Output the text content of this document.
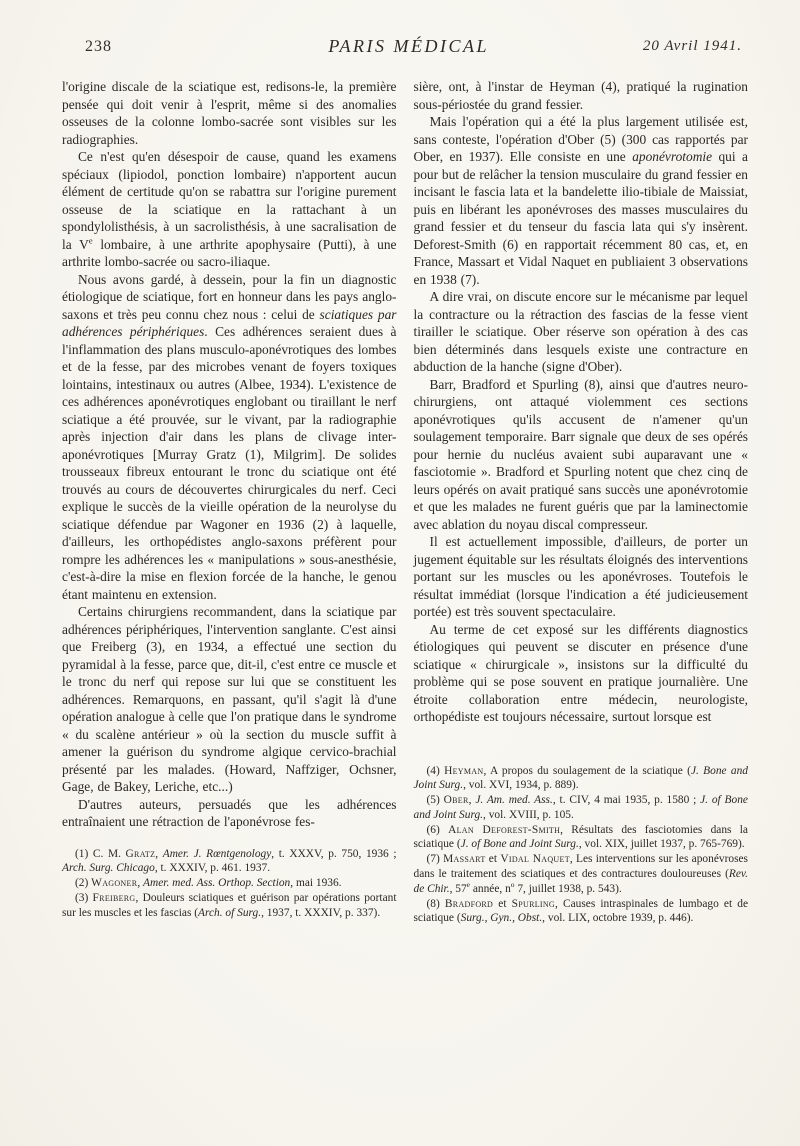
238	PARIS MÉDICAL	20 Avril 1941.

l'origine discale de la sciatique est, redisons-le, la première pensée qui doit venir à l'esprit, même si des anomalies osseuses de la colonne lombo-sacrée sont visibles sur les radiographies.

Ce n'est qu'en désespoir de cause, quand les examens spéciaux (lipiodol, ponction lombaire) n'apportent aucun élément de certitude qu'on se rabattra sur l'origine purement osseuse de la sciatique en la rattachant à un spondylolisthésis, à un sacrolisthésis, à une sacralisation de la Ve lombaire, à une arthrite apophysaire (Putti), à une arthrite lombo-sacrée ou sacro-iliaque.

Nous avons gardé, à dessein, pour la fin un diagnostic étiologique de sciatique, fort en honneur dans les pays anglo-saxons et très peu connu chez nous : celui de sciatiques par adhérences périphériques. Ces adhérences seraient dues à l'inflammation des plans musculo-aponévrotiques des lombes et de la fesse, par des microbes venant de foyers toxiques lointains, intestinaux ou autres (Albee, 1934). L'existence de ces adhérences aponévrotiques englobant ou tiraillant le nerf sciatique a été prouvée, sur le vivant, par la radiographie après injection d'air dans les plans de clivage inter-aponévrotiques [Murray Gratz (1), Milgrim]. De solides trousseaux fibreux entourant le tronc du sciatique ont été trouvés au cours de découvertes chirurgicales du nerf. Ceci explique le succès de la vieille opération de la neurolyse du sciatique défendue par Wagoner en 1936 (2) à laquelle, d'ailleurs, les orthopédistes anglo-saxons préfèrent pour rompre les adhérences les « manipulations » sous-anesthésie, c'est-à-dire la mise en flexion forcée de la hanche, le genou étant maintenu en extension.

Certains chirurgiens recommandent, dans la sciatique par adhérences périphériques, l'intervention sanglante. C'est ainsi que Freiberg (3), en 1934, a effectué une section du pyramidal à la fesse, parce que, dit-il, c'est entre ce muscle et le tronc du nerf qui repose sur lui que se constituent les adhérences. Remarquons, en passant, qu'il s'agit là d'une opération analogue à celle que l'on pratique dans le syndrome « du scalène antérieur » où la section du muscle suffit à amener la guérison du syndrome algique cervico-brachial présenté par les malades. (Howard, Naffziger, Ochsner, Gage, de Bakey, Leriche, etc...)

D'autres auteurs, persuadés que les adhérences entraînaient une rétraction de l'aponévrose fes-

(1) C. M. Gratz, Amer. J. Rœntgenology, t. XXXV, p. 750, 1936 ; Arch. Surg. Chicago, t. XXXIV, p. 461. 1937.

(2) Wagoner, Amer. med. Ass. Orthop. Section, mai 1936.

(3) Freiberg, Douleurs sciatiques et guérison par opérations portant sur les muscles et les fascias (Arch. of Surg., 1937, t. XXXIV, p. 337).

sière, ont, à l'instar de Heyman (4), pratiqué la rugination sous-périostée du grand fessier.

Mais l'opération qui a été la plus largement utilisée est, sans conteste, l'opération d'Ober (5) (300 cas rapportés par Ober, en 1937). Elle consiste en une aponévrotomie qui a pour but de relâcher la tension musculaire du grand fessier en incisant le fascia lata et la bandelette ilio-tibiale de Maissiat, puis en libérant les aponévroses des masses musculaires du grand fessier et du tenseur du fascia lata qui s'y insèrent. Deforest-Smith (6) en rapportait récemment 80 cas, et, en France, Massart et Vidal Naquet en publiaient 3 observations en 1938 (7).

A dire vrai, on discute encore sur le mécanisme par lequel la contracture ou la rétraction des fascias de la fesse vient tirailler le sciatique. Ober réserve son opération à des cas bien déterminés dans lesquels existe une contracture en abduction de la hanche (signe d'Ober).

Barr, Bradford et Spurling (8), ainsi que d'autres neuro-chirurgiens, ont attaqué violemment ces sections aponévrotiques qu'ils accusent de n'amener qu'un soulagement temporaire. Barr signale que deux de ses opérés pour hernie du nucléus avaient subi auparavant une « fasciotomie ». Bradford et Spurling notent que chez cinq de leurs opérés on avait pratiqué sans succès une aponévrotomie et que les malades ne furent guéris que par la laminectomie avec ablation du noyau discal compresseur.

Il est actuellement impossible, d'ailleurs, de porter un jugement équitable sur les résultats éloignés des interventions portant sur les muscles ou les aponévroses. Toutefois le résultat immédiat (lorsque l'indication a été judicieusement portée) est très souvent spectaculaire.

Au terme de cet exposé sur les différents diagnostics étiologiques qui peuvent se discuter en présence d'une sciatique « chirurgicale », insistons sur la difficulté du problème qui se pose souvent en pratique journalière. Une étroite collaboration entre médecin, neurologiste, orthopédiste est toujours nécessaire, surtout lorsque est

(4) Heyman, A propos du soulagement de la sciatique (J. Bone and Joint Surg., vol. XVI, 1934, p. 889).

(5) Ober, J. Am. med. Ass., t. CIV, 4 mai 1935, p. 1580 ; J. of Bone and Joint Surg., vol. XVIII, p. 105.

(6) Alan Deforest-Smith, Résultats des fasciotomies dans la sciatique (J. of Bone and Joint Surg., vol. XIX, juillet 1937, p. 765-769).

(7) Massart et Vidal Naquet, Les interventions sur les aponévroses dans le traitement des sciatiques et des contractures douloureuses (Rev. de Chir., 57e année, $n^o$ 7, juillet 1938, p. 543).

(8) Bradford et Spurling, Causes intraspinales de lumbago et de sciatique (Surg., Gyn., Obst., vol. LIX, octobre 1939, p. 446).
